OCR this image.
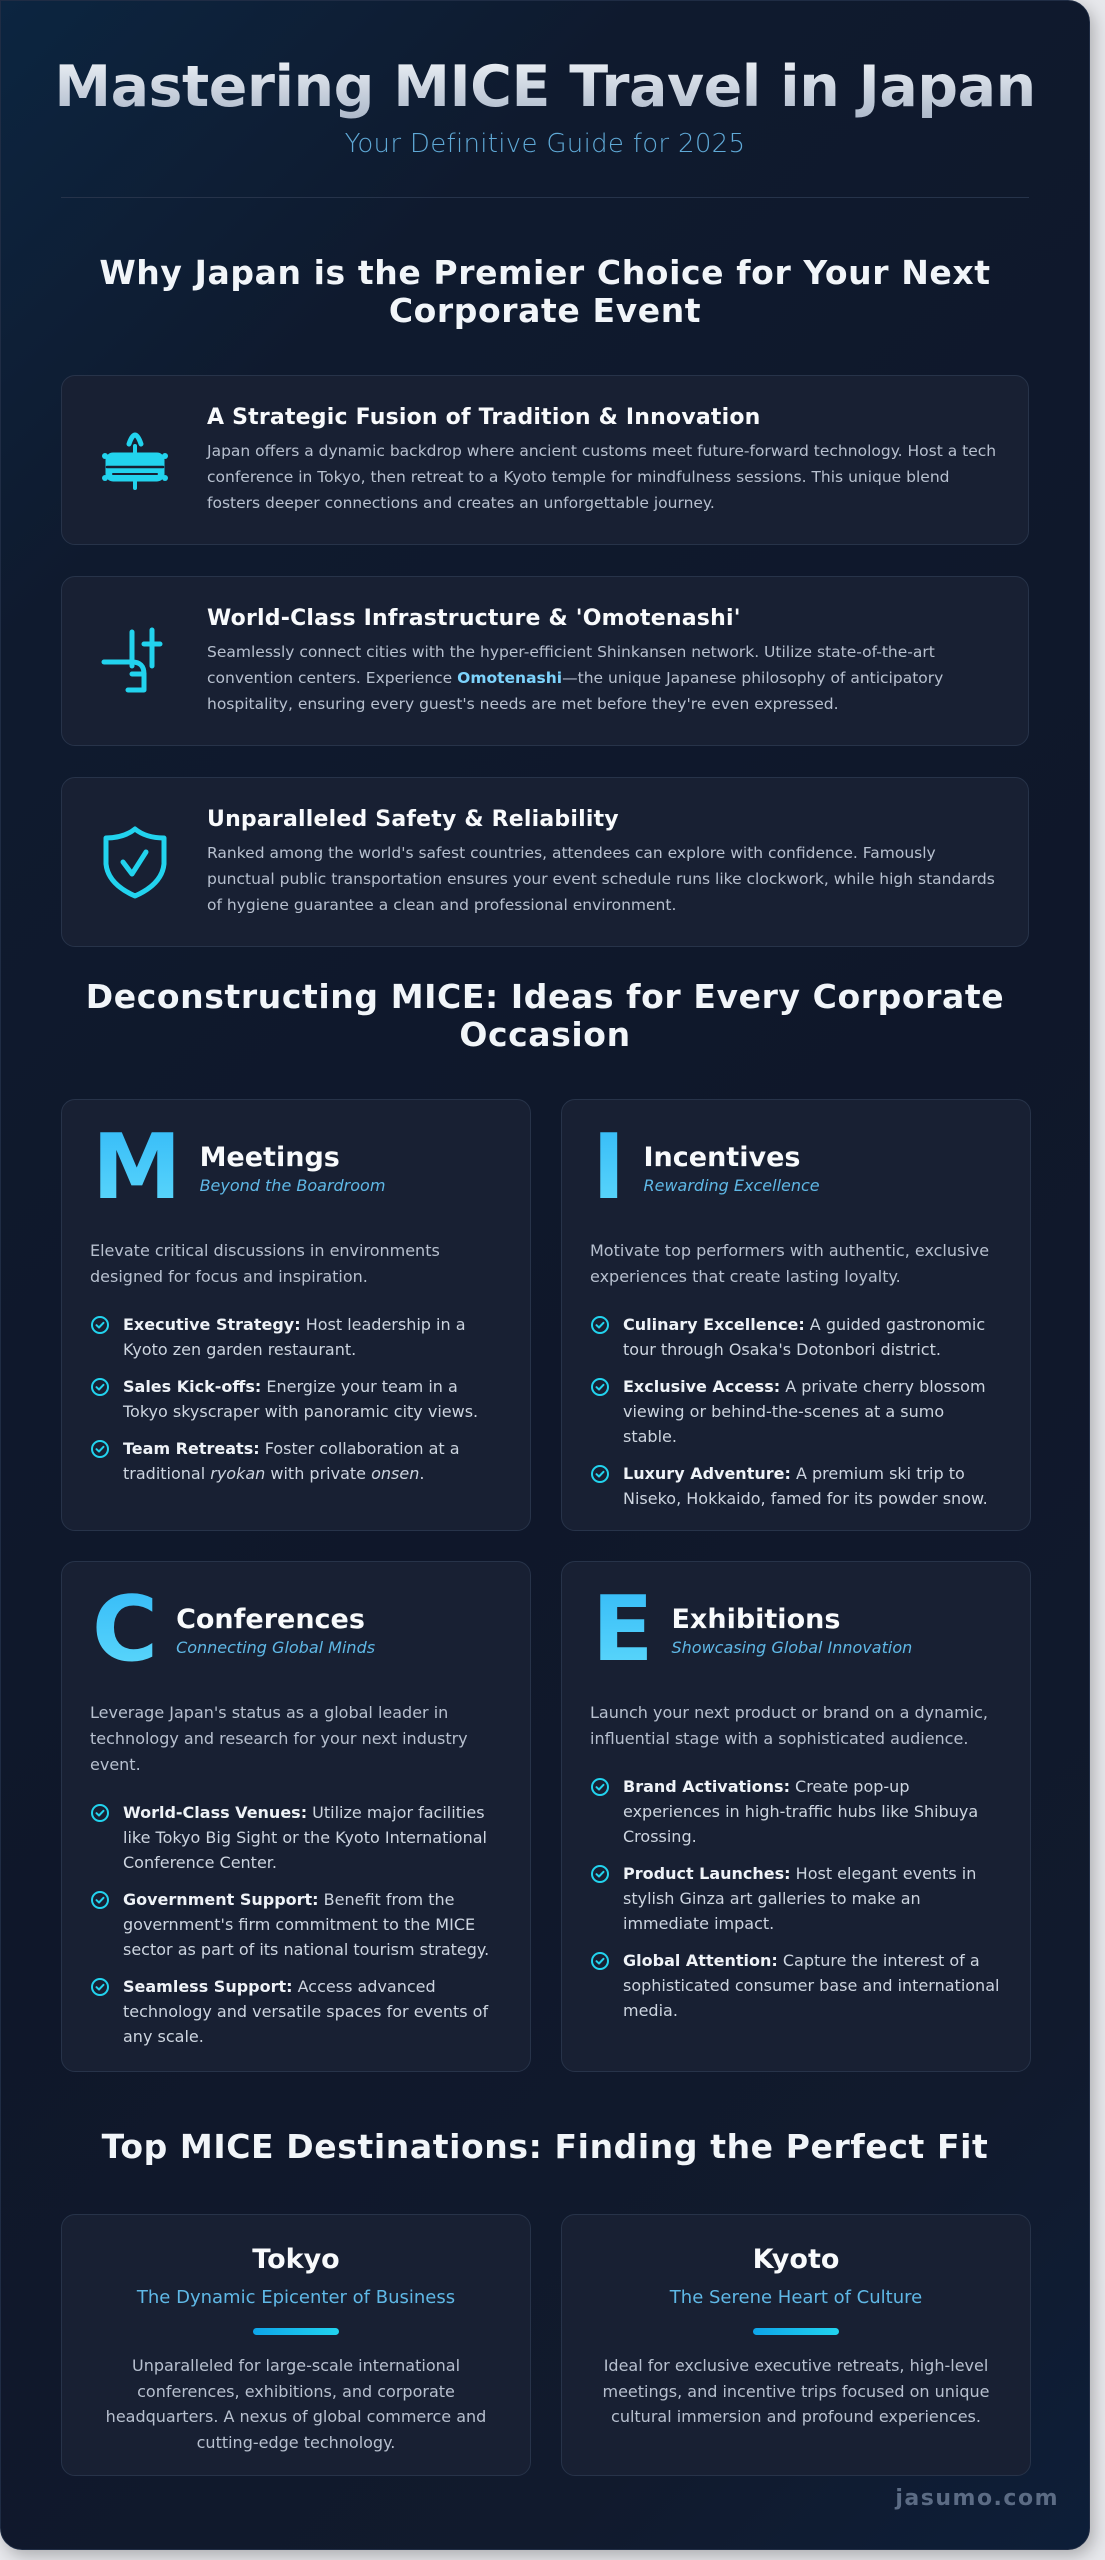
Mastering MICE Travel in Japan
Your Definitive Guide for 2025
Why Japan is the Premier Choice for Your Next Corporate Event
A Strategic Fusion of Tradition & Innovation
Japan offers a dynamic backdrop where ancient customs meet future-forward technology. Host a tech conference in Tokyo, then retreat to a Kyoto temple for mindfulness sessions. This unique blend fosters deeper connections and creates an unforgettable journey.
World-Class Infrastructure & 'Omotenashi'
Seamlessly connect cities with the hyper-efficient Shinkansen network. Utilize state-of-the-art convention centers. Experience Omotenashi—the unique Japanese philosophy of anticipatory hospitality, ensuring every guest's needs are met before they're even expressed.
Unparalleled Safety & Reliability
Ranked among the world's safest countries, attendees can explore with confidence. Famously punctual public transportation ensures your event schedule runs like clockwork, while high standards of hygiene guarantee a clean and professional environment.
Deconstructing MICE: Ideas for Every Corporate Occasion
M Meetings
Beyond the Boardroom
Elevate critical discussions in environments designed for focus and inspiration.
Executive Strategy: Host leadership in a Kyoto zen garden restaurant.
Sales Kick-offs: Energize your team in a Tokyo skyscraper with panoramic city views.
Team Retreats: Foster collaboration at a traditional ryokan with private onsen.
I Incentives
Rewarding Excellence
Motivate top performers with authentic, exclusive experiences that create lasting loyalty.
Culinary Excellence: A guided gastronomic tour through Osaka's Dotonbori district.
Exclusive Access: A private cherry blossom viewing or behind-the-scenes at a sumo stable.
Luxury Adventure: A premium ski trip to Niseko, Hokkaido, famed for its powder snow.
C Conferences
Connecting Global Minds
Leverage Japan's status as a global leader in technology and research for your next industry event.
World-Class Venues: Utilize major facilities like Tokyo Big Sight or the Kyoto International Conference Center.
Government Support: Benefit from the government's firm commitment to the MICE sector as part of its national tourism strategy.
Seamless Support: Access advanced technology and versatile spaces for events of any scale.
E Exhibitions
Showcasing Global Innovation
Launch your next product or brand on a dynamic, influential stage with a sophisticated audience.
Brand Activations: Create pop-up experiences in high-traffic hubs like Shibuya Crossing.
Product Launches: Host elegant events in stylish Ginza art galleries to make an immediate impact.
Global Attention: Capture the interest of a sophisticated consumer base and international media.
Top MICE Destinations: Finding the Perfect Fit
Tokyo
The Dynamic Epicenter of Business
Unparalleled for large-scale international conferences, exhibitions, and corporate headquarters. A nexus of global commerce and cutting-edge technology.
Kyoto
The Serene Heart of Culture
Ideal for exclusive executive retreats, high-level meetings, and incentive trips focused on unique cultural immersion and profound experiences.
jasumo.com
